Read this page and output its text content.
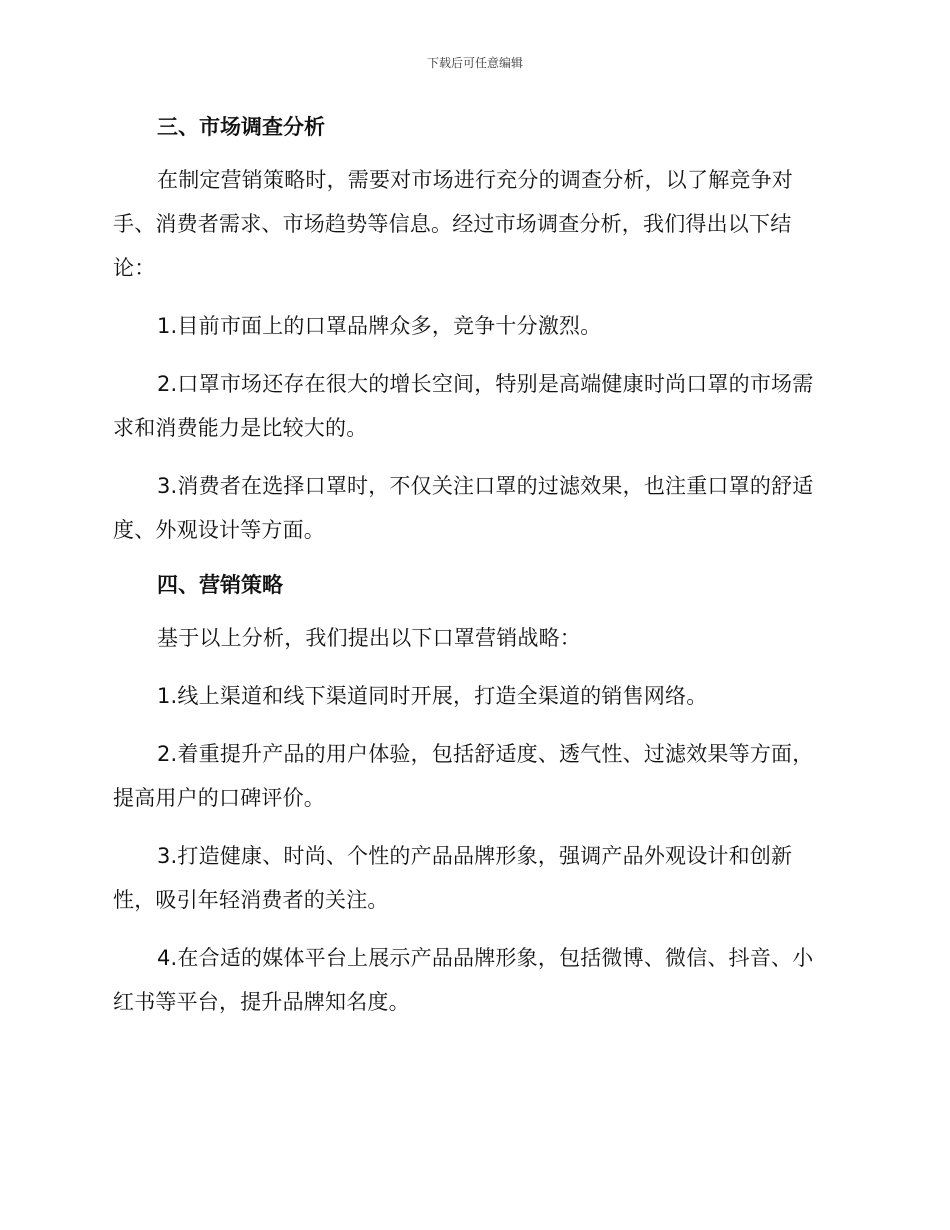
下载后可任意编辑
三、市场调查分析

在制定营销策略时，需要对市场进行充分的调查分析，以了解竞争对手、消费者需求、市场趋势等信息。经过市场调查分析，我们得出以下结论：

1.目前市面上的口罩品牌众多，竞争十分激烈。

2.口罩市场还存在很大的增长空间，特别是高端健康时尚口罩的市场需求和消费能力是比较大的。

3.消费者在选择口罩时，不仅关注口罩的过滤效果，也注重口罩的舒适度、外观设计等方面。

四、营销策略

基于以上分析，我们提出以下口罩营销战略：

1.线上渠道和线下渠道同时开展，打造全渠道的销售网络。

2.着重提升产品的用户体验，包括舒适度、透气性、过滤效果等方面，提高用户的口碑评价。

3.打造健康、时尚、个性的产品品牌形象，强调产品外观设计和创新性，吸引年轻消费者的关注。

4.在合适的媒体平台上展示产品品牌形象，包括微博、微信、抖音、小红书等平台，提升品牌知名度。
